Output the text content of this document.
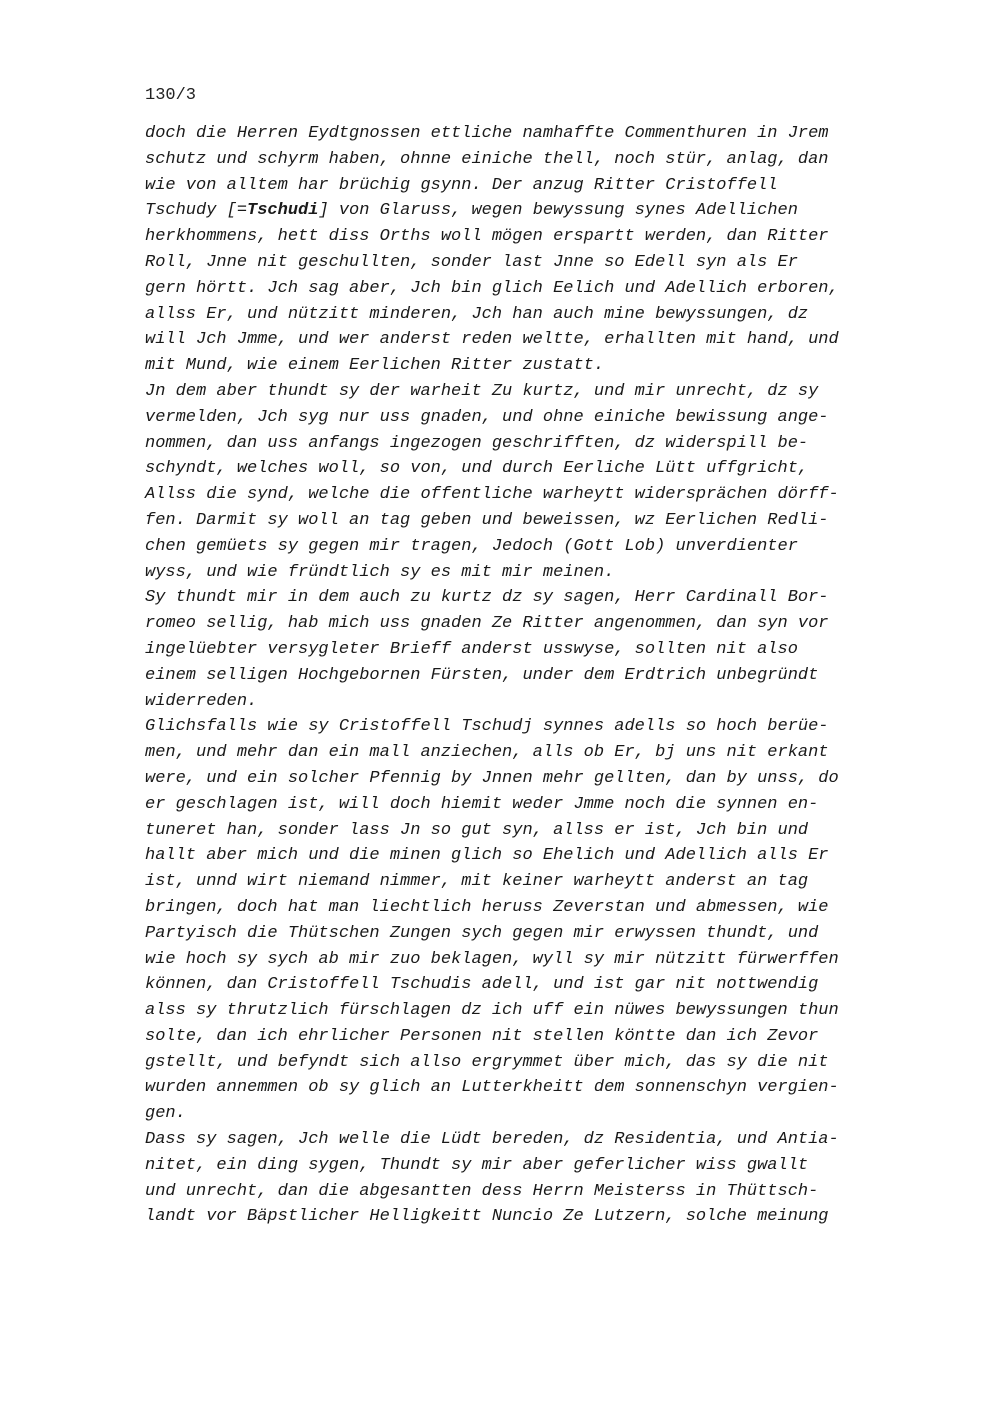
130/3
doch die Herren Eydtgnossen ettliche namhaffte Commenthuren in Jrem
schutz und schyrm haben, ohnne einiche thell, noch stür, anlag, dan
wie von alltem har brüchig gsynn. Der anzug Ritter Cristoffell
Tschudy [=Tschudi] von Glaruss, wegen bewyssung synes Adellichen
herkhommens, hett diss Orths woll mögen erspartt werden, dan Ritter
Roll, Jnne nit geschullten, sonder last Jnne so Edell syn als Er
gern hörtt. Jch sag aber, Jch bin glich Eelich und Adellich erboren,
allss Er, und nützitt minderen, Jch han auch mine bewyssungen, dz
will Jch Jmme, und wer anderst reden weltte, erhallten mit hand, und
mit Mund, wie einem Eerlichen Ritter zustatt.
Jn dem aber thundt sy der warheit Zu kurtz, und mir unrecht, dz sy
vermelden, Jch syg nur uss gnaden, und ohne einiche bewissung ange-
nommen, dan uss anfangs ingezogen geschrifften, dz widerspill be-
schyndt, welches woll, so von, und durch Eerliche Lütt uffgricht,
Allss die synd, welche die offentliche warheytt widersprächen dörff-
fen. Darmit sy woll an tag geben und beweissen, wz Eerlichen Redli-
chen gemüets sy gegen mir tragen, Jedoch (Gott Lob) unverdienter
wyss, und wie fründtlich sy es mit mir meinen.
Sy thundt mir in dem auch zu kurtz dz sy sagen, Herr Cardinall Bor-
romeo sellig, hab mich uss gnaden Ze Ritter angenommen, dan syn vor
ingelüebter versygleter Brieff anderst usswyse, sollten nit also
einem selligen Hochgebornen Fürsten, under dem Erdtrich unbegründt
widerreden.
Glichsfalls wie sy Cristoffell Tschudj synnes adells so hoch berüe-
men, und mehr dan ein mall anziechen, alls ob Er, bj uns nit erkant
were, und ein solcher Pfennig by Jnnen mehr gellten, dan by unss, do
er geschlagen ist, will doch hiemit weder Jmme noch die synnen en-
tuneret han, sonder lass Jn so gut syn, allss er ist, Jch bin und
hallt aber mich und die minen glich so Ehelich und Adellich alls Er
ist, unnd wirt niemand nimmer, mit keiner warheytt anderst an tag
bringen, doch hat man liechtlich heruss Zeverstan und abmessen, wie
Partyisch die Thütschen Zungen sych gegen mir erwyssen thundt, und
wie hoch sy sych ab mir zuo beklagen, wyll sy mir nützitt fürwerffen
können, dan Cristoffell Tschudis adell, und ist gar nit nottwendig
alss sy thrutzlich fürschlagen dz ich uff ein nüwes bewyssungen thun
solte, dan ich ehrlicher Personen nit stellen köntte dan ich Zevor
gstellt, und befyndt sich allso ergrymmet über mich, das sy die nit
wurden annemmen ob sy glich an Lutterkheitt dem sonnenschyn vergien-
gen.
Dass sy sagen, Jch welle die Lüdt bereden, dz Residentia, und Antia-
nitet, ein ding sygen, Thundt sy mir aber geferlicher wiss gwallt
und unrecht, dan die abgesantten dess Herrn Meisterss in Thüttsch-
landt vor Bäpstlicher Helligkeitt Nuncio Ze Lutzern, solche meinung
